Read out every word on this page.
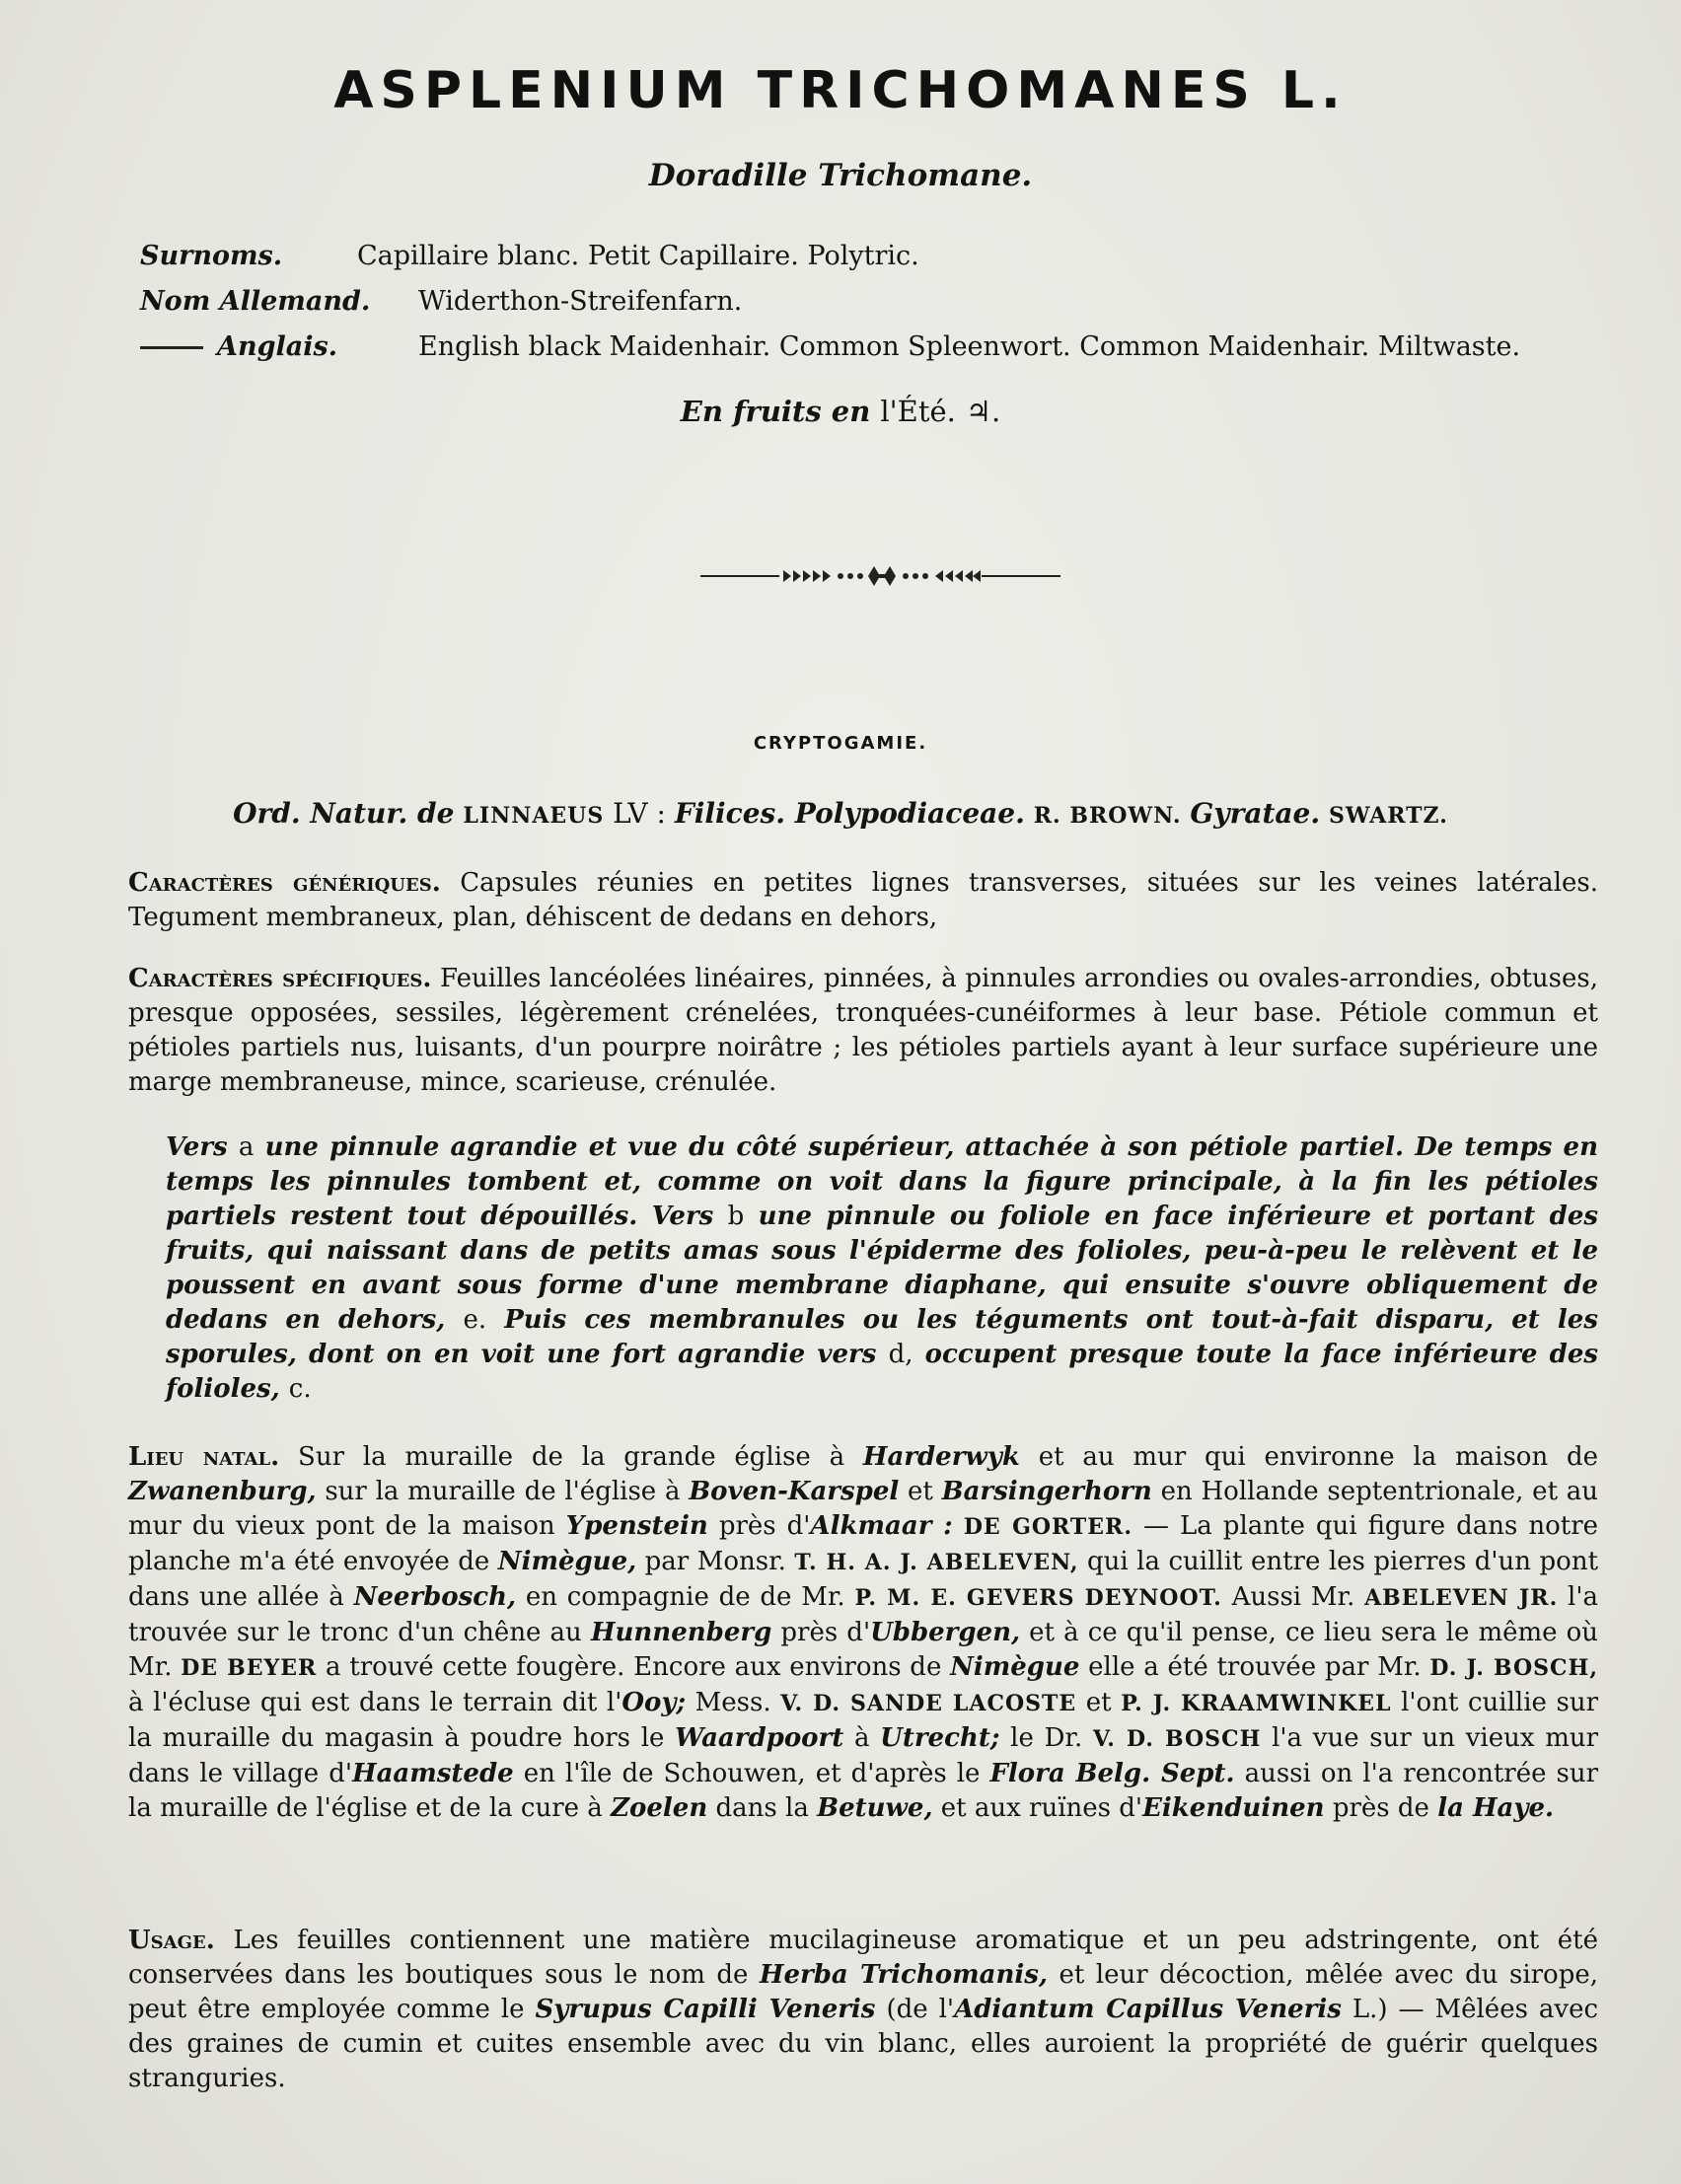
ASPLENIUM TRICHOMANES L.
Doradille Trichomane.
Surnoms.	Capillaire blanc. Petit Capillaire. Polytric.
Nom Allemand. Widerthon-Streifenfarn.
Anglais.	English black Maidenhair. Common Spleenwort. Common Maidenhair. Miltwaste.
En fruits en l'Été. ♃.
CRYPTOGAMIE.
Ord. Natur. de LINNAEUS LV : Filices. Polypodiaceae. R. BROWN. Gyratae. SWARTZ.
Caractères génériques. Capsules réunies en petites lignes transverses, situées sur les veines latérales. Tegument membraneux, plan, déhiscent de dedans en dehors,
Caractères spécifiques. Feuilles lancéolées linéaires, pinnées, à pinnules arrondies ou ovales-arrondies, obtuses, presque opposées, sessiles, légèrement crénelées, tronquées-cunéiformes à leur base. Pétiole commun et pétioles partiels nus, luisants, d'un pourpre noirâtre ; les pétioles partiels ayant à leur surface supérieure une marge membraneuse, mince, scarieuse, crénulée.
Vers a une pinnule agrandie et vue du côté supérieur, attachée à son pétiole partiel. De temps en temps les pinnules tombent et, comme on voit dans la figure principale, à la fin les pétioles partiels restent tout dépouillés. Vers b une pinnule ou foliole en face inférieure et portant des fruits, qui naissant dans de petits amas sous l'épiderme des folioles, peu-à-peu le relèvent et le poussent en avant sous forme d'une membrane diaphane, qui ensuite s'ouvre obliquement de dedans en dehors, e. Puis ces membranules ou les téguments ont tout-à-fait disparu, et les sporules, dont on en voit une fort agrandie vers d, occupent presque toute la face inférieure des folioles, c.
Lieu natal. Sur la muraille de la grande église à Harderwyk et au mur qui environne la maison de Zwanenburg, sur la muraille de l'église à Boven-Karspel et Barsingerhorn en Hollande septentrionale, et au mur du vieux pont de la maison Ypenstein près d'Alkmaar : DE GORTER. — La plante qui figure dans notre planche m'a été envoyée de Nimègue, par Monsr. T. H. A. J. ABELEVEN, qui la cuillit entre les pierres d'un pont dans une allée à Neerbosch, en compagnie de de Mr. P. M. E. GEVERS DEYNOOT. Aussi Mr. ABELEVEN JR. l'a trouvée sur le tronc d'un chêne au Hunnenberg près d'Ubbergen, et à ce qu'il pense, ce lieu sera le même où Mr. DE BEYER a trouvé cette fougère. Encore aux environs de Nimègue elle a été trouvée par Mr. D. J. BOSCH, à l'écluse qui est dans le terrain dit l'Ooy; Mess. V. D. SANDE LACOSTE et P. J. KRAAMWINKEL l'ont cuillie sur la muraille du magasin à poudre hors le Waardpoort à Utrecht; le Dr. V. D. BOSCH l'a vue sur un vieux mur dans le village d'Haamstede en l'île de Schouwen, et d'après le Flora Belg. Sept. aussi on l'a rencontrée sur la muraille de l'église et de la cure à Zoelen dans la Betuwe, et aux ruïnes d'Eikenduinen près de la Haye.
Usage. Les feuilles contiennent une matière mucilagineuse aromatique et un peu adstringente, ont été conservées dans les boutiques sous le nom de Herba Trichomanis, et leur décoction, mêlée avec du sirope, peut être employée comme le Syrupus Capilli Veneris (de l'Adiantum Capillus Veneris L.) — Mêlées avec des graines de cumin et cuites ensemble avec du vin blanc, elles auroient la propriété de guérir quelques stranguries.
